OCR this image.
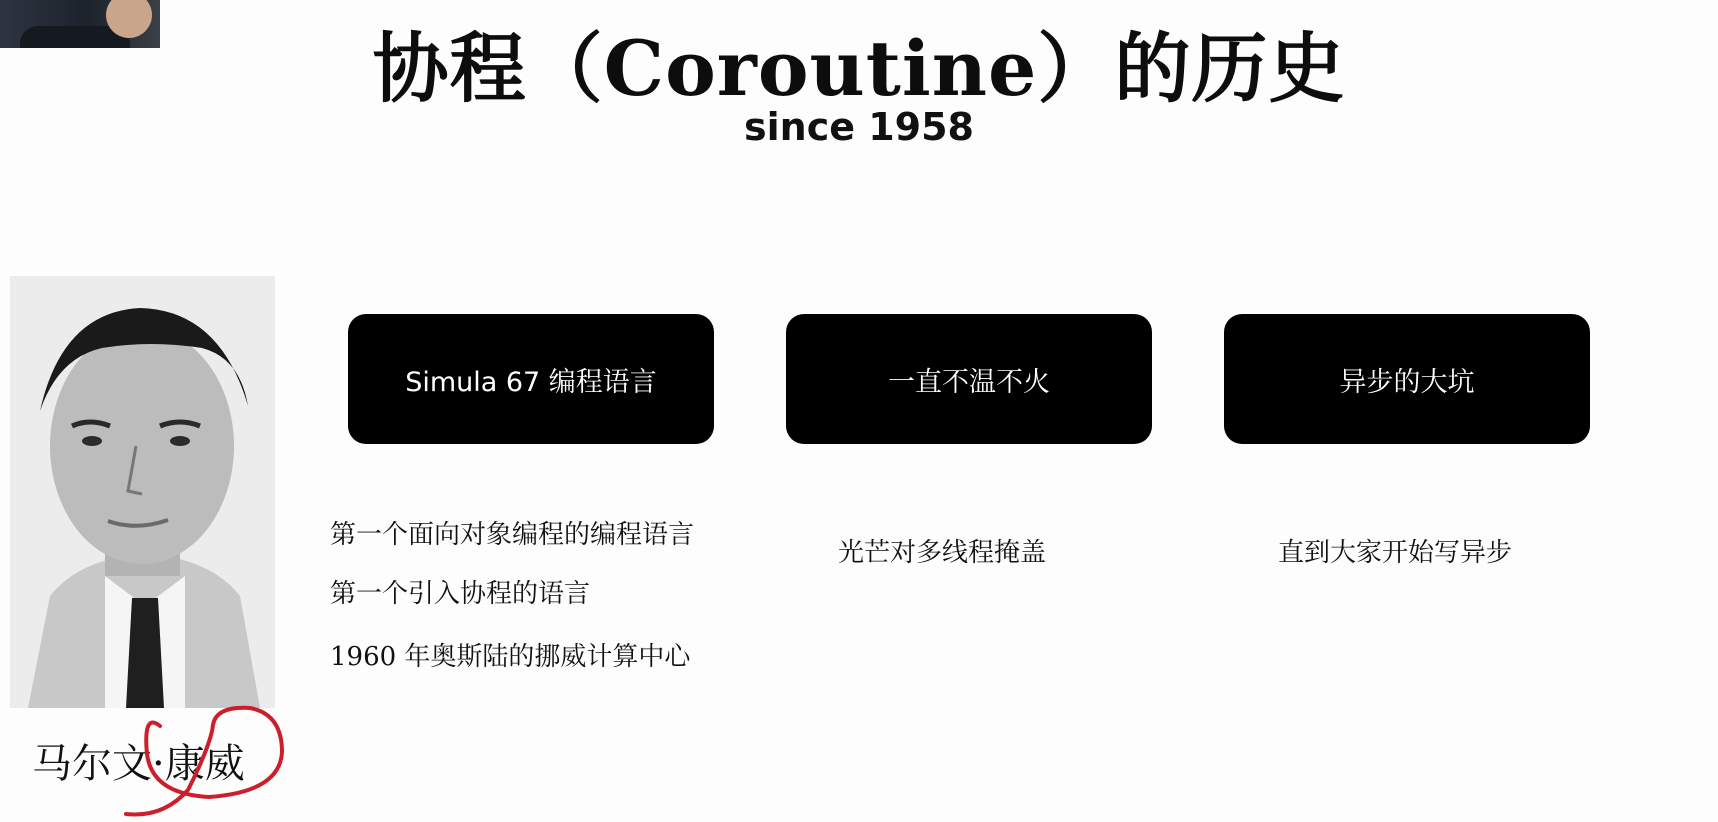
协程（Coroutine）的历史
since 1958
马尔文·康威
Simula 67 编程语言	一直不温不火	异步的大坑
第一个面向对象编程的编程语言
第一个引入协程的语言
1960 年奥斯陆的挪威计算中心
光芒对多线程掩盖	直到大家开始写异步
